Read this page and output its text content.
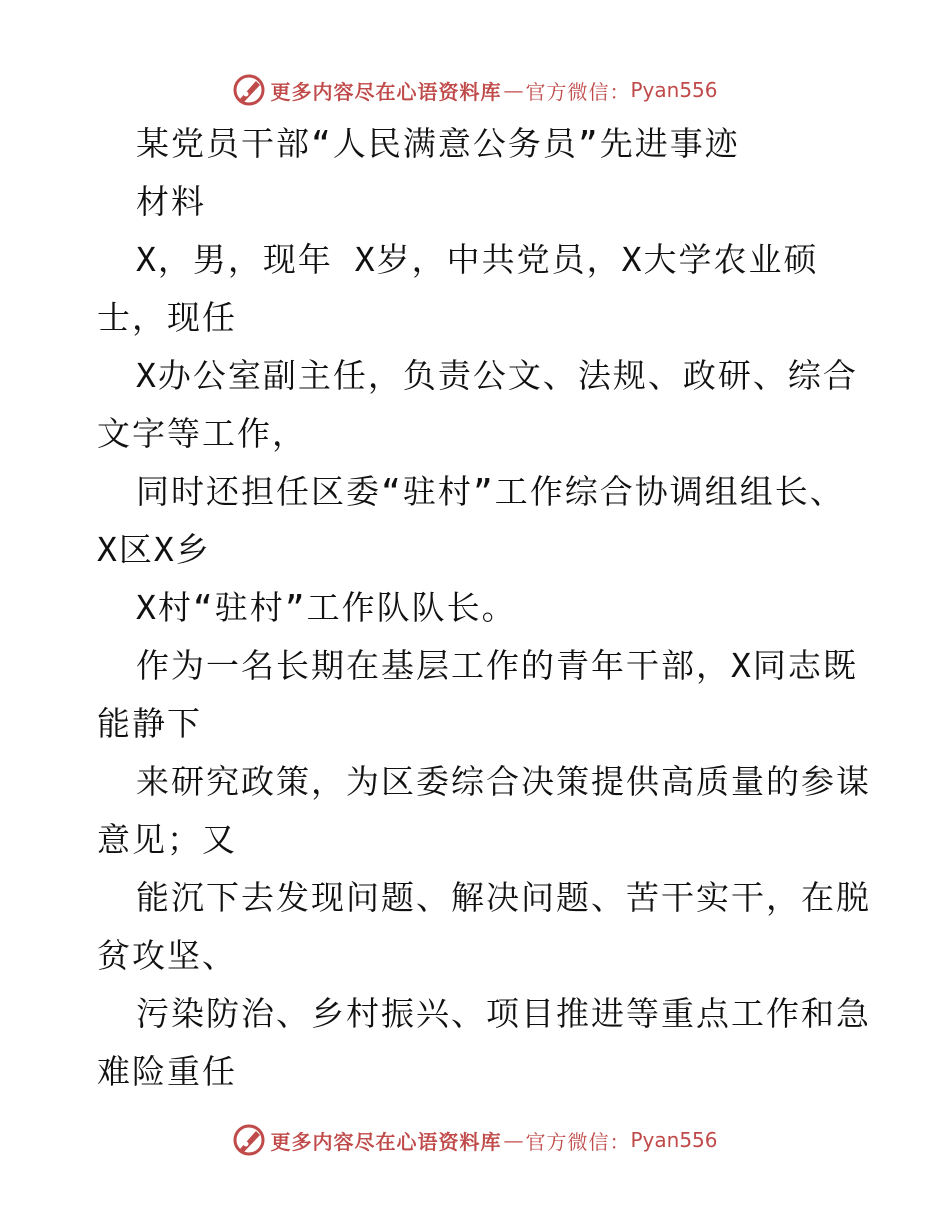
更多内容尽在心语资料库 — 官方微信： Pyan556
某党员干部“人民满意公务员”先进事迹
材料
X，男，现年 X岁，中共党员，X大学农业硕
士，现任
X办公室副主任，负责公文、法规、政研、综合
文字等工作，
同时还担任区委“驻村”工作综合协调组组长、
X区X乡
X村“驻村”工作队队长。
作为一名长期在基层工作的青年干部，X同志既
能静下
来研究政策，为区委综合决策提供高质量的参谋
意见；又
能沉下去发现问题、解决问题、苦干实干，在脱
贫攻坚、
污染防治、乡村振兴、项目推进等重点工作和急
难险重任
更多内容尽在心语资料库 — 官方微信： Pyan556
